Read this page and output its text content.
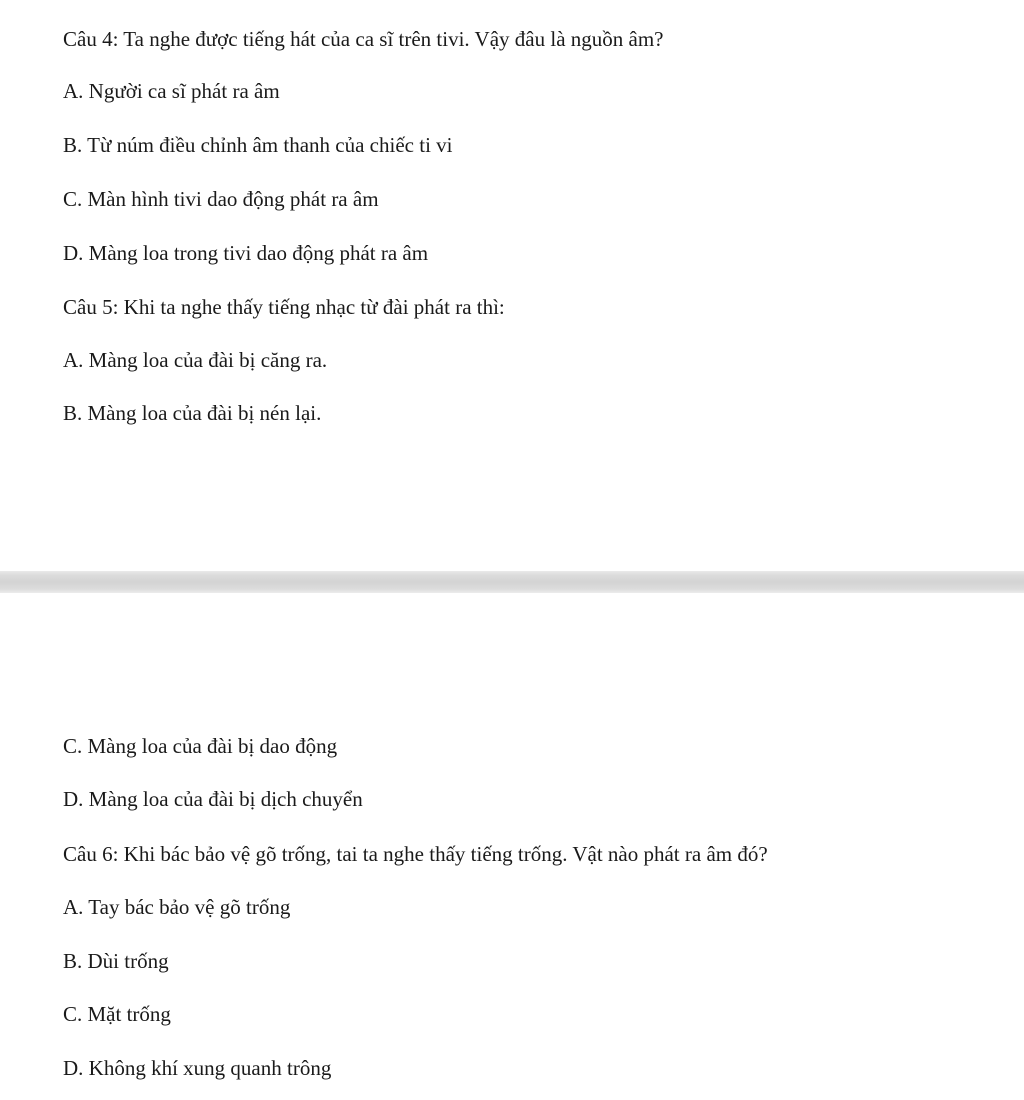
Câu 4: Ta nghe được tiếng hát của ca sĩ trên tivi. Vậy đâu là nguồn âm?
A. Người ca sĩ phát ra âm
B. Từ núm điều chỉnh âm thanh của chiếc ti vi
C. Màn hình tivi dao động phát ra âm
D. Màng loa trong tivi dao động phát ra âm
Câu 5: Khi ta nghe thấy tiếng nhạc từ đài phát ra thì:
A. Màng loa của đài bị căng ra.
B. Màng loa của đài bị nén lại.
C. Màng loa của đài bị dao động
D. Màng loa của đài bị dịch chuyển
Câu 6: Khi bác bảo vệ gõ trống, tai ta nghe thấy tiếng trống. Vật nào phát ra âm đó?
A. Tay bác bảo vệ gõ trống
B. Dùi trống
C. Mặt trống
D. Không khí xung quanh trông
